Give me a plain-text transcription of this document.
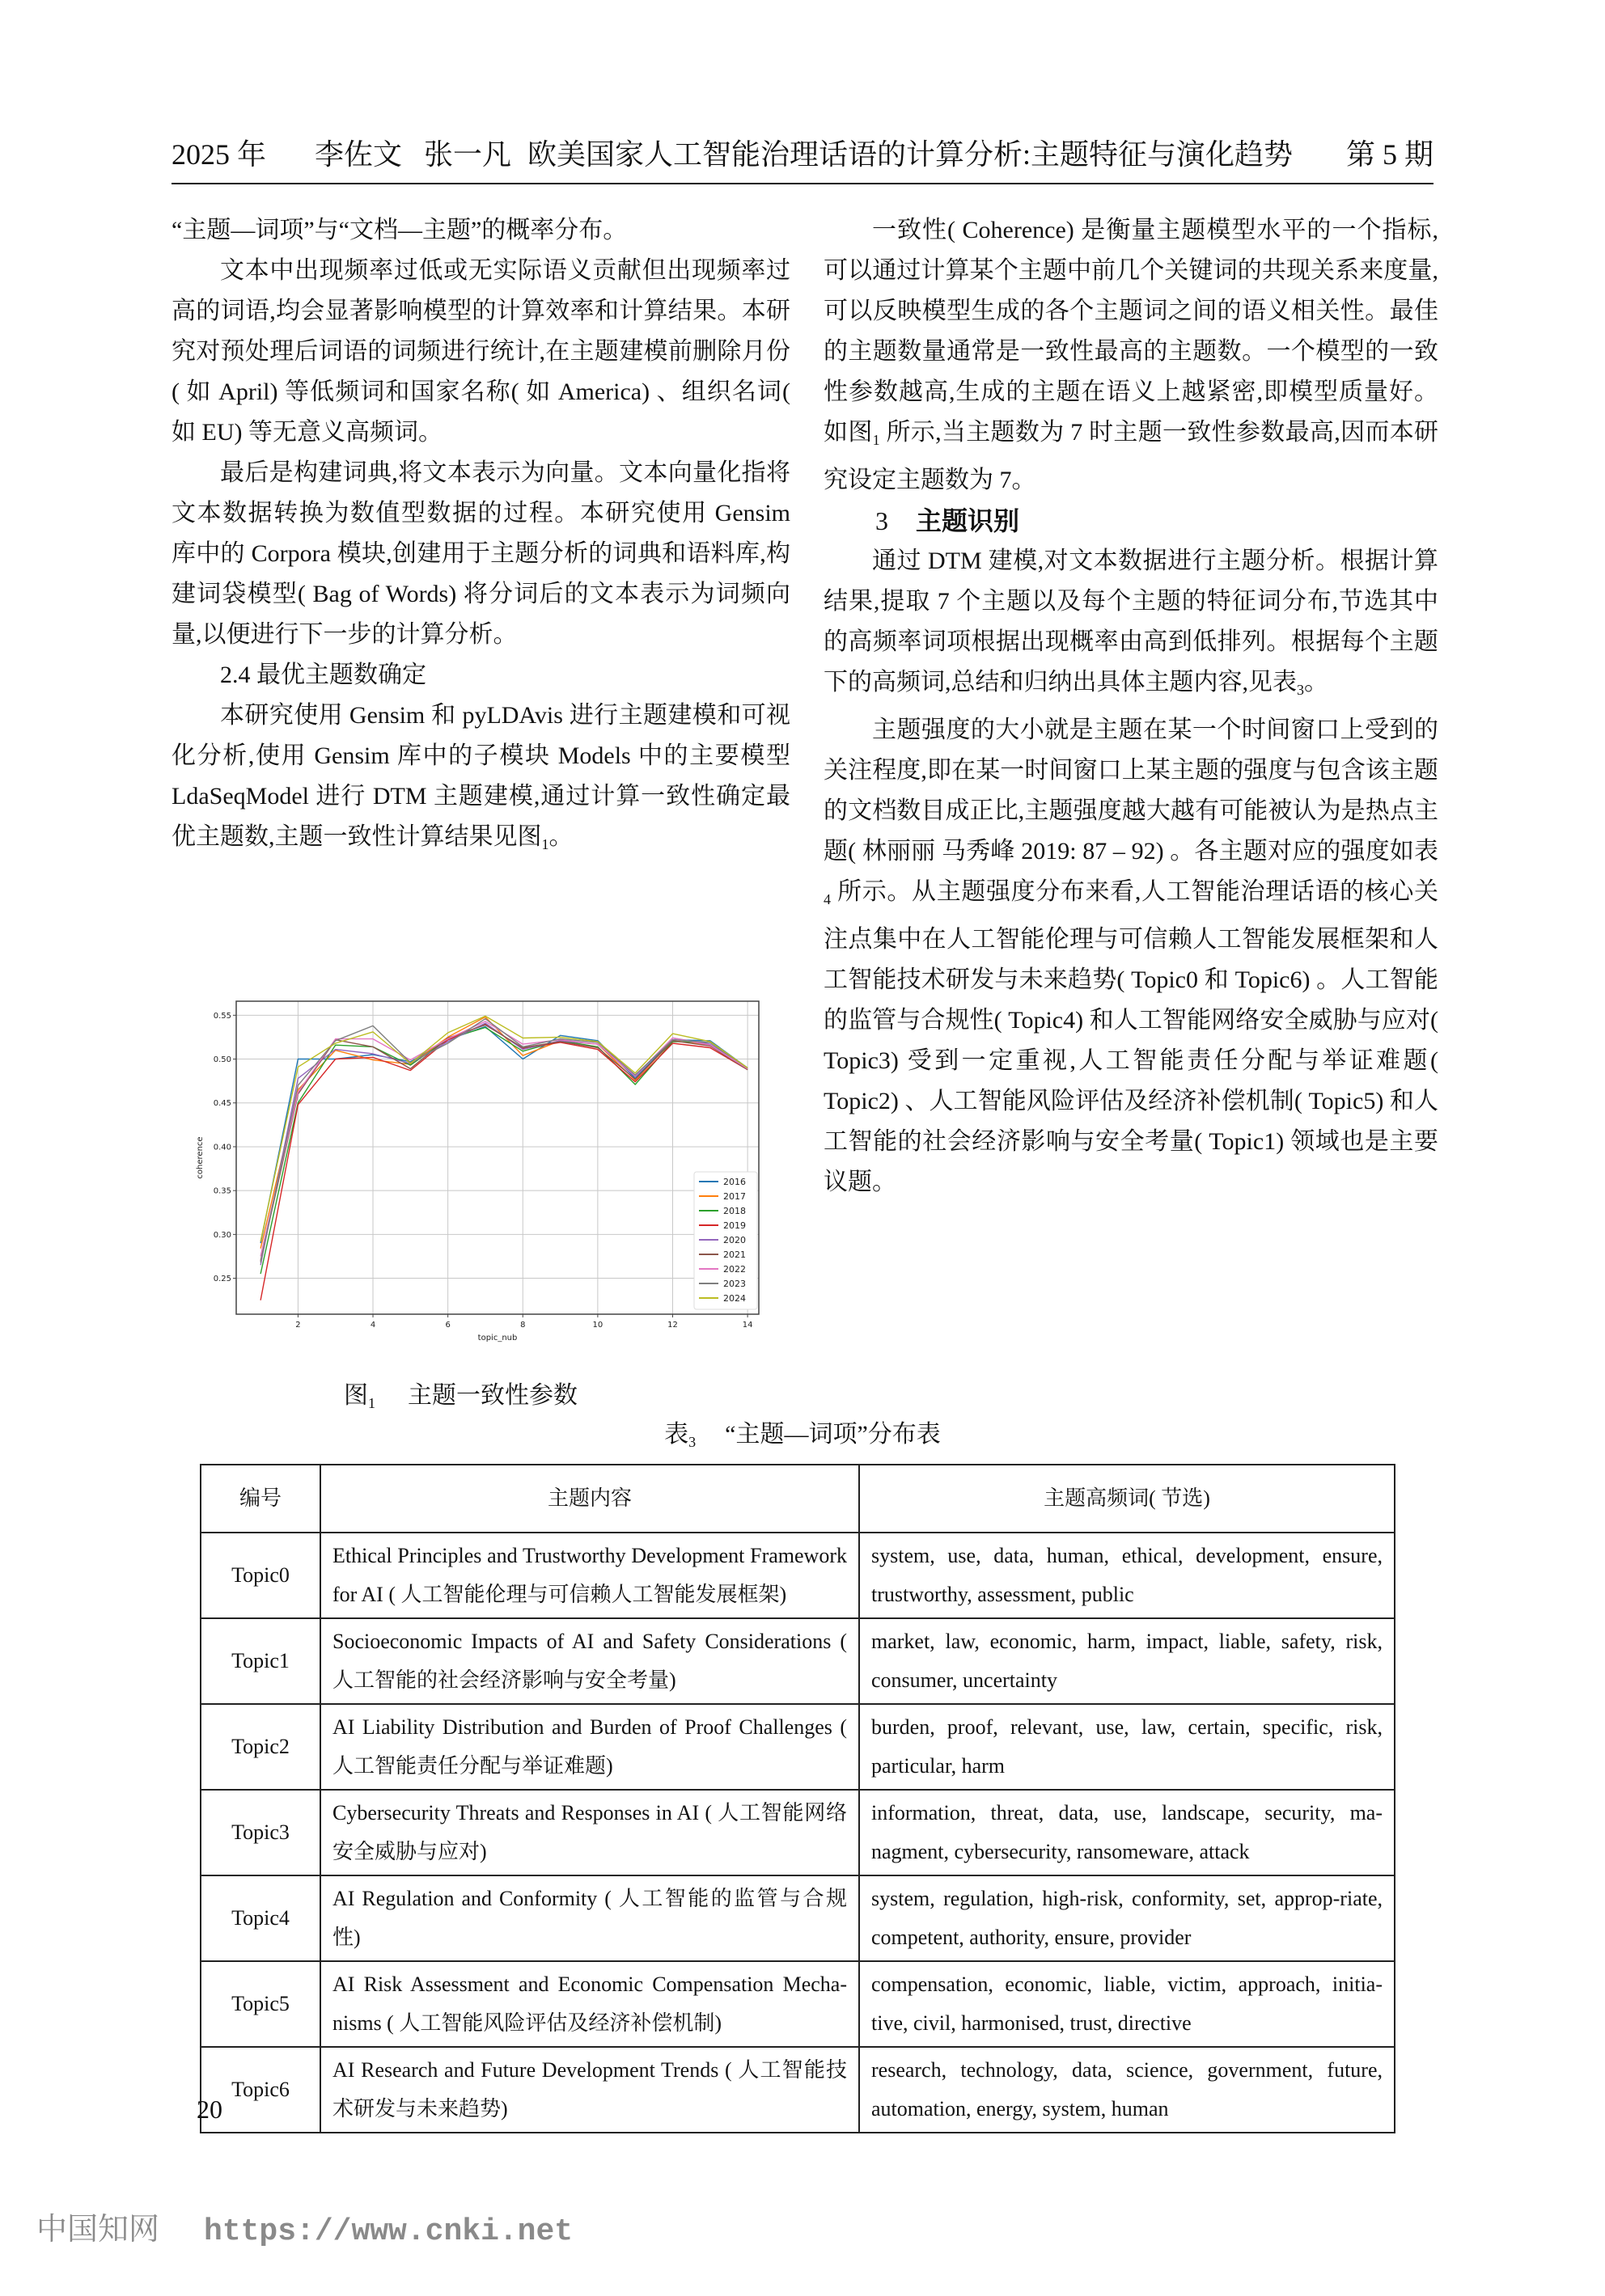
2025 年 李佐文   张一凡 欧美国家人工智能治理话语的计算分析:主题特征与演化趋势	第 5 期

“主题—词项”与“文档—主题”的概率分布。

文本中出现频率过低或无实际语义贡献但出现频率过高的词语,均会显著影响模型的计算效率和计算结果。本研究对预处理后词语的词频进行统计,在主题建模前删除月份( 如 April) 等低频词和国家名称( 如 America) 、组织名词( 如 EU) 等无意义高频词。

最后是构建词典,将文本表示为向量。文本向量化指将文本数据转换为数值型数据的过程。本研究使用 Gensim 库中的 Corpora 模块,创建用于主题分析的词典和语料库,构建词袋模型( Bag of Words) 将分词后的文本表示为词频向量,以便进行下一步的计算分析。

2.4 最优主题数确定

本研究使用 Gensim 和 pyLDAvis 进行主题建模和可视化分析,使用 Gensim 库中的子模块 Models 中的主要模型 LdaSeqModel 进行 DTM 主题建模,通过计算一致性确定最优主题数,主题一致性计算结果见图$_1$。

0.25
0.30
0.35
0.40
0.45
0.50
0.55
2	4	6	8	10	12	14
topic_nub
coherence
2016
2017
2018
2019
2020
2021
2022
2023
2024
图$_1$ 主题一致性参数

一致性( Coherence) 是衡量主题模型水平的一个指标,可以通过计算某个主题中前几个关键词的共现关系来度量,可以反映模型生成的各个主题词之间的语义相关性。最佳的主题数量通常是一致性最高的主题数。一个模型的一致性参数越高,生成的主题在语义上越紧密,即模型质量好。如图$_1$ 所示,当主题数为 7 时主题一致性参数最高,因而本研究设定主题数为 7。

3 主题识别

通过 DTM 建模,对文本数据进行主题分析。根据计算结果,提取 7 个主题以及每个主题的特征词分布,节选其中的高频率词项根据出现概率由高到低排列。根据每个主题下的高频词,总结和归纳出具体主题内容,见表$_3$。

主题强度的大小就是主题在某一个时间窗口上受到的关注程度,即在某一时间窗口上某主题的强度与包含该主题的文档数目成正比,主题强度越大越有可能被认为是热点主题( 林丽丽 马秀峰 2019: 87 – 92) 。各主题对应的强度如表$_4$ 所示。从主题强度分布来看,人工智能治理话语的核心关注点集中在人工智能伦理与可信赖人工智能发展框架和人工智能技术研发与未来趋势( Topic0 和 Topic6) 。人工智能的监管与合规性( Topic4) 和人工智能网络安全威胁与应对( Topic3) 受到一定重视,人工智能责任分配与举证难题( Topic2) 、人工智能风险评估及经济补偿机制( Topic5) 和人工智能的社会经济影响与安全考量( Topic1) 领域也是主要议题。

表$_3$ “主题—词项”分布表
编号	主题内容	主题高频词( 节选)
Topic0	Ethical Principles and Trustworthy Development Framework for AI ( 人工智能伦理与可信赖人工智能发展框架)	system, use, data, human, ethical, development, ensure, trustworthy, assessment, public
Topic1	Socioeconomic Impacts of AI and Safety Considerations ( 人工智能的社会经济影响与安全考量)	market, law, economic, harm, impact, liable, safety, risk, consumer, uncertainty
Topic2	AI Liability Distribution and Burden of Proof Challenges ( 人工智能责任分配与举证难题)	burden, proof, relevant, use, law, certain, specific, risk, particular, harm
Topic3	Cybersecurity Threats and Responses in AI ( 人工智能网络安全威胁与应对)	information, threat, data, use, landscape, security, ma-nagment, cybersecurity, ransomeware, attack
Topic4	AI Regulation and Conformity ( 人工智能的监管与合规性)	system, regulation, high-risk, conformity, set, approp-riate, competent, authority, ensure, provider
Topic5	AI Risk Assessment and Economic Compensation Mecha-nisms ( 人工智能风险评估及经济补偿机制)	compensation, economic, liable, victim, approach, initia-tive, civil, harmonised, trust, directive
Topic6	AI Research and Future Development Trends ( 人工智能技术研发与未来趋势)	research, technology, data, science, government, future, automation, energy, system, human
20
中国知网 https://www.cnki.net
